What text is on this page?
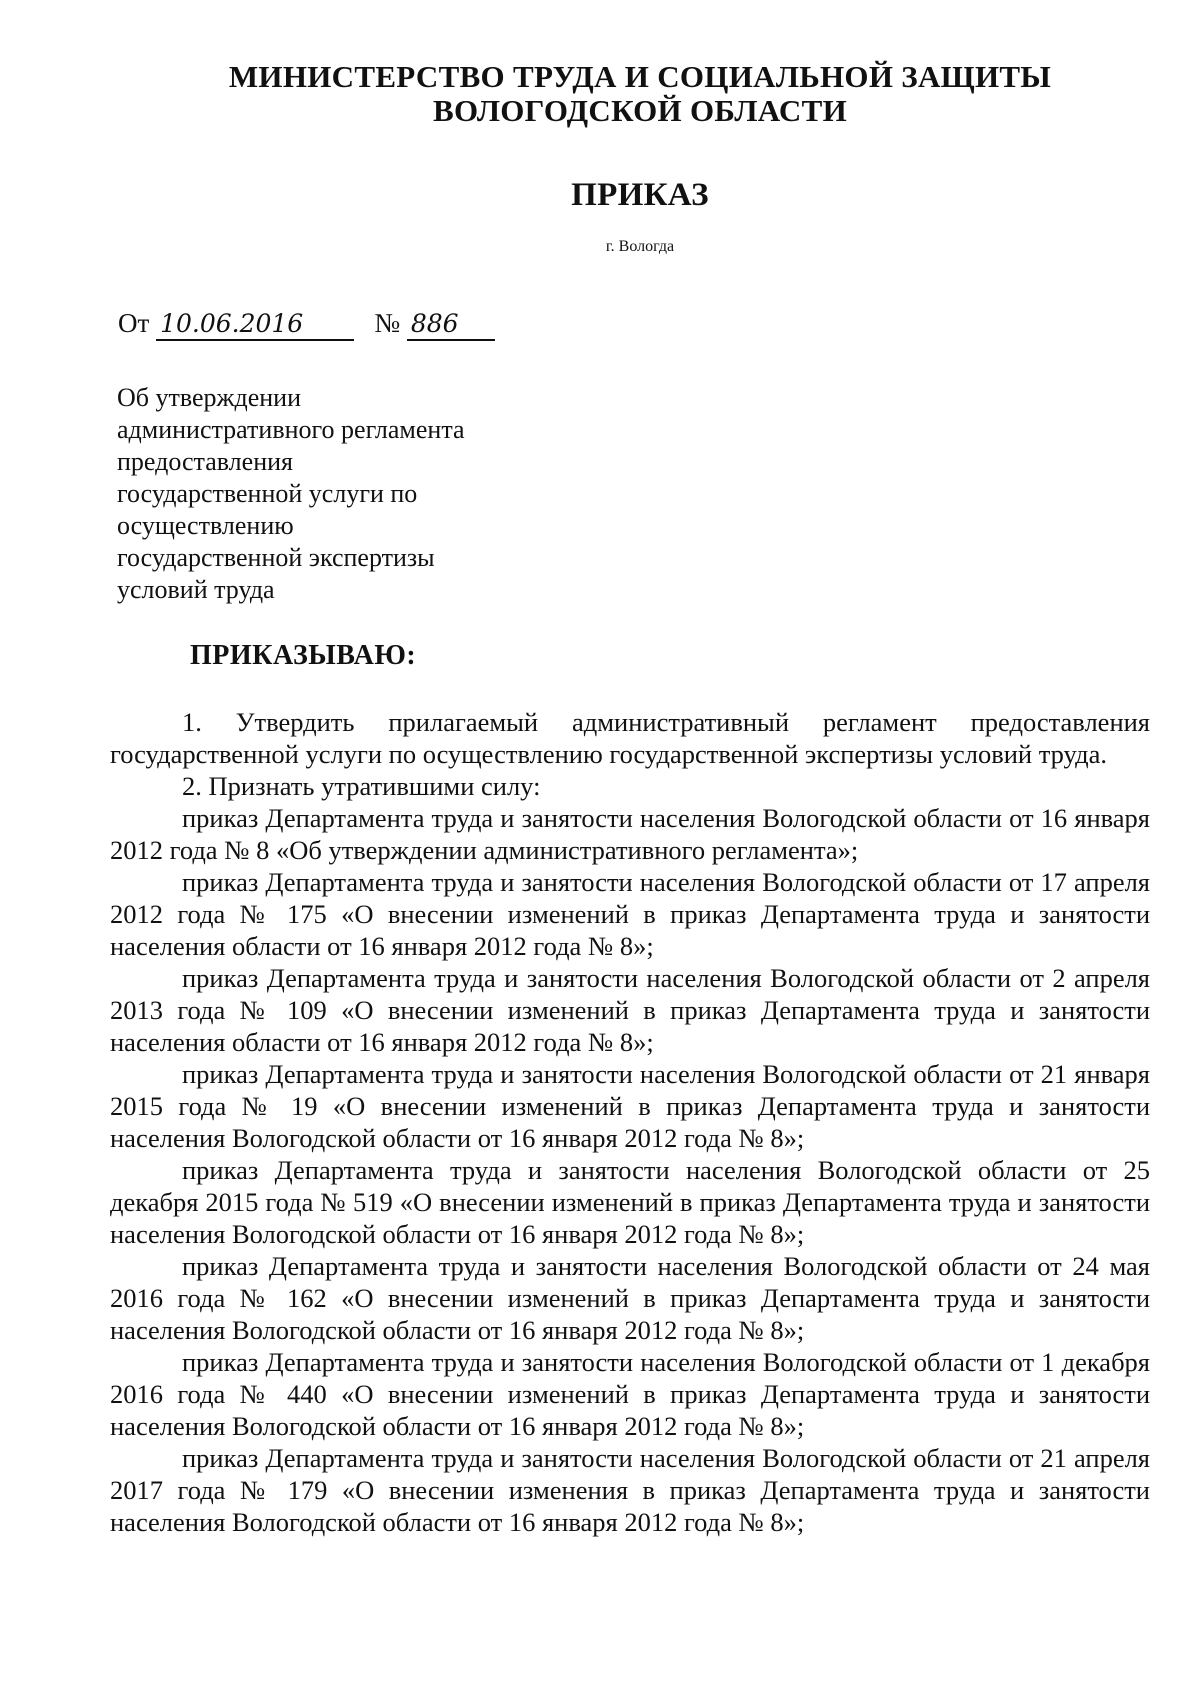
МИНИСТЕРСТВО ТРУДА И СОЦИАЛЬНОЙ ЗАЩИТЫ
ВОЛОГОДСКОЙ ОБЛАСТИ
ПРИКАЗ
г. Вологда
От 10.06.2016	№ 886
Об утверждении
административного регламента
предоставления
государственной услуги по
осуществлению
государственной экспертизы
условий труда
ПРИКАЗЫВАЮ:

1. Утвердить прилагаемый административный регламент предоставления государственной услуги по осуществлению государственной экспертизы условий труда.

2. Признать утратившими силу:

приказ Департамента труда и занятости населения Вологодской области от 16 января 2012 года № 8 «Об утверждении административного регламента»;

приказ Департамента труда и занятости населения Вологодской области от 17 апреля 2012 года № 175 «О внесении изменений в приказ Департамента труда и занятости населения области от 16 января 2012 года № 8»;

приказ Департамента труда и занятости населения Вологодской области от 2 апреля 2013 года № 109 «О внесении изменений в приказ Департамента труда и занятости населения области от 16 января 2012 года № 8»;

приказ Департамента труда и занятости населения Вологодской области от 21 января 2015 года № 19 «О внесении изменений в приказ Департамента труда и занятости населения Вологодской области от 16 января 2012 года № 8»;

приказ Департамента труда и занятости населения Вологодской области от 25 декабря 2015 года № 519 «О внесении изменений в приказ Департамента труда и занятости населения Вологодской области от 16 января 2012 года № 8»;

приказ Департамента труда и занятости населения Вологодской области от 24 мая 2016 года № 162 «О внесении изменений в приказ Департамента труда и занятости населения Вологодской области от 16 января 2012 года № 8»;

приказ Департамента труда и занятости населения Вологодской области от 1 декабря 2016 года № 440 «О внесении изменений в приказ Департамента труда и занятости населения Вологодской области от 16 января 2012 года № 8»;

приказ Департамента труда и занятости населения Вологодской области от 21 апреля 2017 года № 179 «О внесении изменения в приказ Департамента труда и занятости населения Вологодской области от 16 января 2012 года № 8»;
